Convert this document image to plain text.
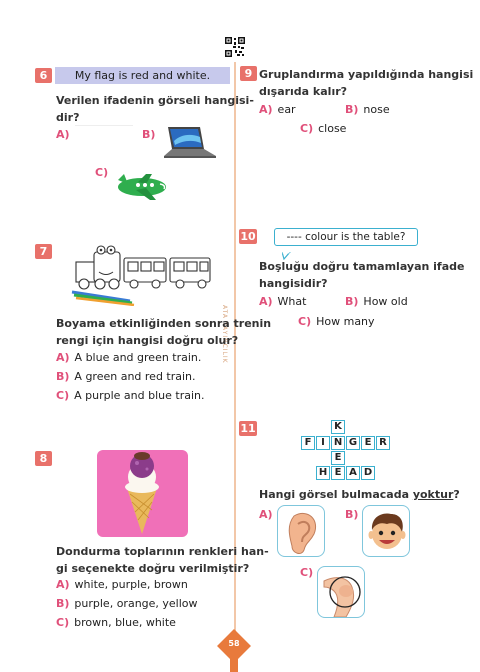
ATA YAYINCILIK
6	My flag is red and white.
Verilen ifadenin görseli hangisi-
dir?
A)	B)
C)
7
Boyama etkinliğinden sonra trenin
rengi için hangisi doğru olur?
A) A blue and green train.
B) A green and red train.
C) A purple and blue train.
8
Dondurma toplarının renkleri han-
gi seçenekte doğru verilmiştir?
A) white, purple, brown
B) purple, orange, yellow
C) brown, blue, white
9 Gruplandırma yapıldığında hangisi
dışarıda kalır?
A) ear	B) nose
C) close
10	---- colour is the table?
Boşluğu doğru tamamlayan ifade
hangisidir?
A) What	B) How old
C) How many
11	K
F I N G E R
E
H E A D
Hangi görsel bulmacada yoktur?
A)	B)
C)
58
